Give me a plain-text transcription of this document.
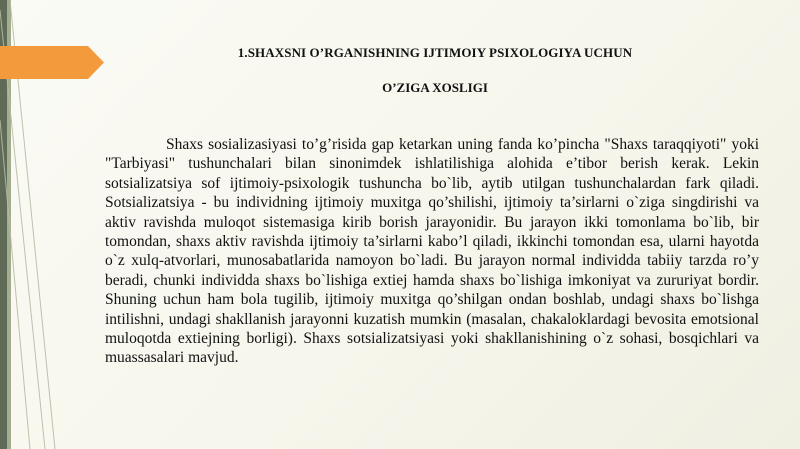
1.SHAXSNI O’RGANISHNING IJTIMOIY PSIXOLOGIYA UCHUN
O’ZIGA XOSLIGI

Shaxs sosializasiyasi to’g’risida gap ketarkan uning fanda ko’pincha "Shaxs taraqqiyoti" yoki "Tarbiyasi" tushunchalari bilan sinonimdek ishlatilishiga alohida e’tibor berish kerak. Lekin sotsializatsiya sof ijtimoiy-psixologik tushuncha bo`lib, aytib utilgan tushunchalardan fark qiladi. Sotsializatsiya - bu individning ijtimoiy muxitga qo’shilishi, ijtimoiy ta’sirlarni o`ziga singdirishi va aktiv ravishda muloqot sistemasiga kirib borish jarayonidir. Bu jarayon ikki tomonlama bo`lib, bir tomondan, shaxs aktiv ravishda ijtimoiy ta’sirlarni kabo’l qiladi, ikkinchi tomondan esa, ularni hayotda o`z xulq-atvorlari, munosabatlarida namoyon bo`ladi. Bu jarayon normal individda tabiiy tarzda ro’y beradi, chunki individda shaxs bo`lishiga extiej hamda shaxs bo`lishiga imkoniyat va zururiyat bordir. Shuning uchun ham bola tugilib, ijtimoiy muxitga qo’shilgan ondan boshlab, undagi shaxs bo`lishga intilishni, undagi shakllanish jarayonni kuzatish mumkin (masalan, chakaloklardagi bevosita emotsional muloqotda extiejning borligi). Shaxs sotsializatsiyasi yoki shakllanishining o`z sohasi, bosqichlari va muassasalari mavjud.
